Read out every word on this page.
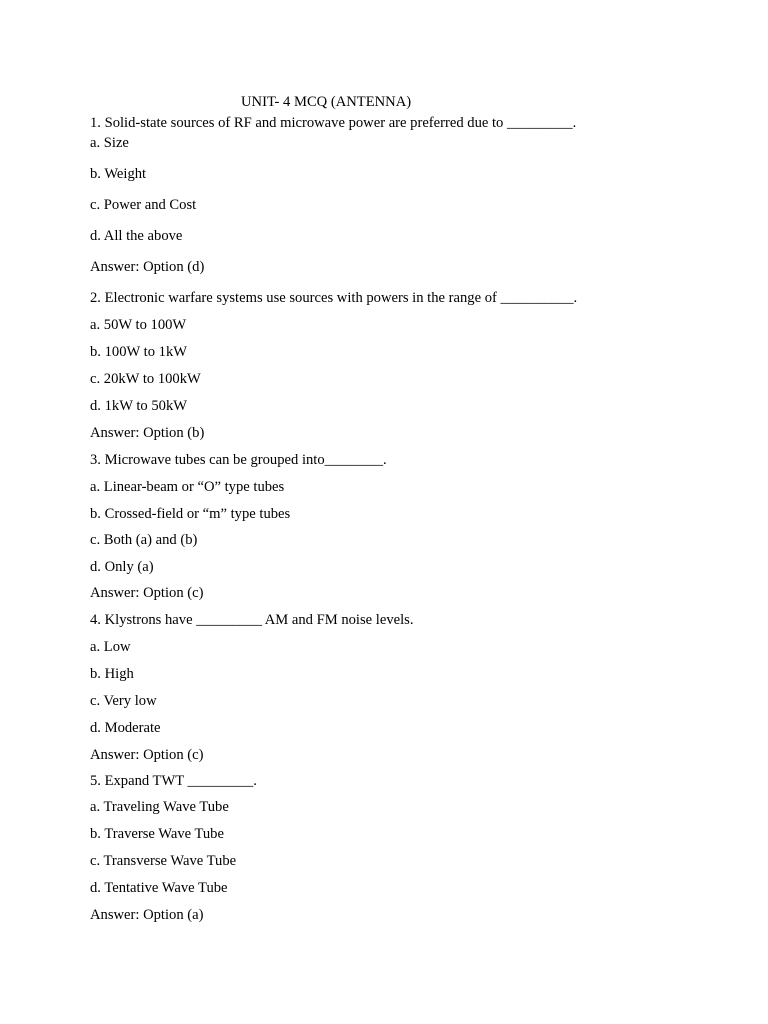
UNIT- 4 MCQ (ANTENNA)
1. Solid-state sources of RF and microwave power are preferred due to _________.
a. Size
b. Weight
c. Power and Cost
d. All the above
Answer: Option (d)
2. Electronic warfare systems use sources with powers in the range of __________.
a. 50W to 100W
b. 100W to 1kW
c. 20kW to 100kW
d. 1kW to 50kW
Answer: Option (b)
3. Microwave tubes can be grouped into________.
a. Linear-beam or “O” type tubes
b. Crossed-field or “m” type tubes
c. Both (a) and (b)
d. Only (a)
Answer: Option (c)
4. Klystrons have _________ AM and FM noise levels.
a. Low
b. High
c. Very low
d. Moderate
Answer: Option (c)
5. Expand TWT _________.
a. Traveling Wave Tube
b. Traverse Wave Tube
c. Transverse Wave Tube
d. Tentative Wave Tube
Answer: Option (a)
